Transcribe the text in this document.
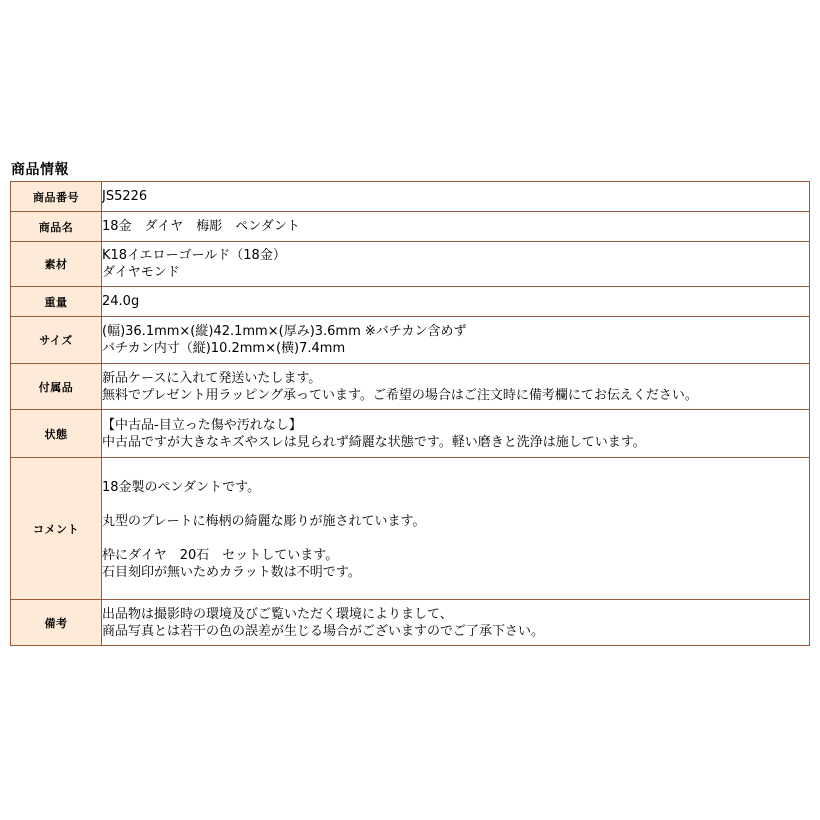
商品情報
商品番号	JS5226
商品名	18金　ダイヤ　梅彫　ペンダント
素材	K18イエローゴールド（18金）
ダイヤモンド

重量	24.0g
サイズ	(幅)36.1mm×(縦)42.1mm×(厚み)3.6mm ※バチカン含めず
バチカン内寸（縦)10.2mm×(横)7.4mm

付属品	新品ケースに入れて発送いたします。
無料でプレゼント用ラッピング承っています。ご希望の場合はご注文時に備考欄にてお伝えください。

状態	【中古品-目立った傷や汚れなし】
中古品ですが大きなキズやスレは見られず綺麗な状態です。軽い磨きと洗浄は施しています。

コメント	18金製のペンダントです。
丸型のプレートに梅柄の綺麗な彫りが施されています。
枠にダイヤ　20石　セットしています。
石目刻印が無いためカラット数は不明です。

備考	出品物は撮影時の環境及びご覧いただく環境によりまして、
商品写真とは若干の色の誤差が生じる場合がございますのでご了承下さい。
